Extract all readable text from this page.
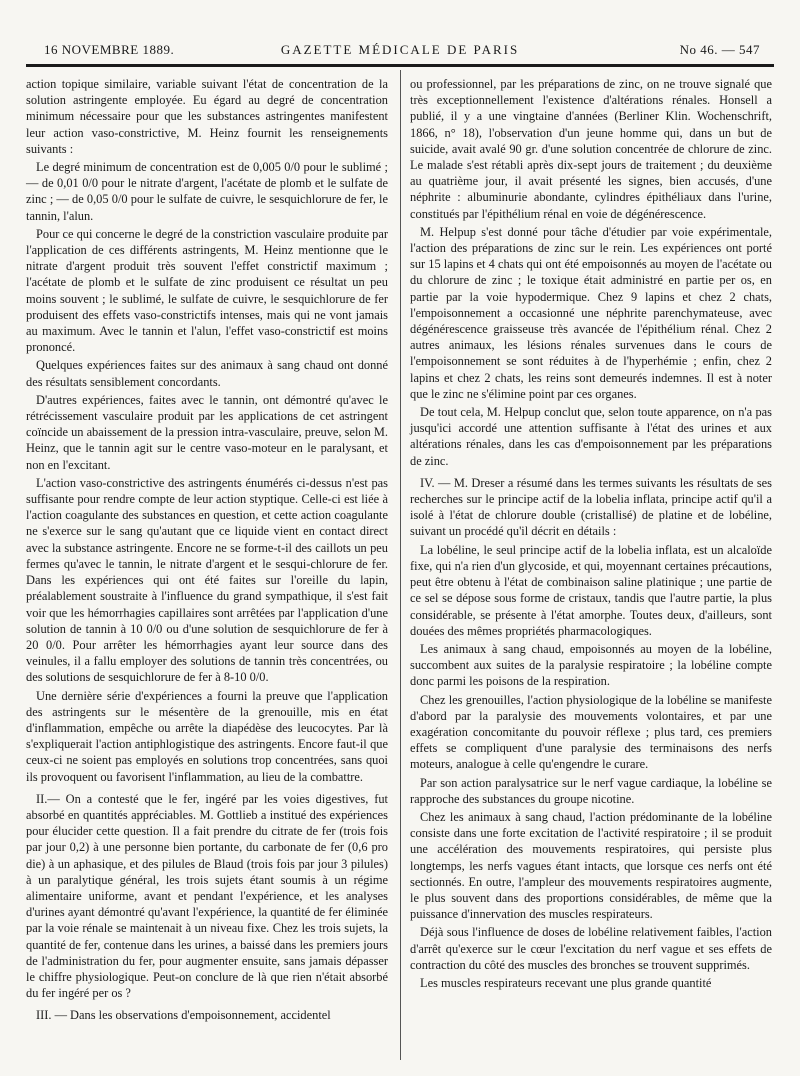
16 NOVEMBRE 1889.	GAZETTE MÉDICALE DE PARIS	No 46. — 547

action topique similaire, variable suivant l'état de concentration de la solution astringente employée. Eu égard au degré de concentration minimum nécessaire pour que les substances astringentes manifestent leur action vaso-constrictive, M. Heinz fournit les renseignements suivants :

Le degré minimum de concentration est de 0,005 0/0 pour le sublimé ; — de 0,01 0/0 pour le nitrate d'argent, l'acétate de plomb et le sulfate de zinc ; — de 0,05 0/0 pour le sulfate de cuivre, le sesquichlorure de fer, le tannin, l'alun.

Pour ce qui concerne le degré de la constriction vasculaire produite par l'application de ces différents astringents, M. Heinz mentionne que le nitrate d'argent produit très souvent l'effet constrictif maximum ; l'acétate de plomb et le sulfate de zinc produisent ce résultat un peu moins souvent ; le sublimé, le sulfate de cuivre, le sesquichlorure de fer produisent des effets vaso-constrictifs intenses, mais qui ne vont jamais au maximum. Avec le tannin et l'alun, l'effet vaso-constrictif est moins prononcé.

Quelques expériences faites sur des animaux à sang chaud ont donné des résultats sensiblement concordants.

D'autres expériences, faites avec le tannin, ont démontré qu'avec le rétrécissement vasculaire produit par les applications de cet astringent coïncide un abaissement de la pression intra-vasculaire, preuve, selon M. Heinz, que le tannin agit sur le centre vaso-moteur en le paralysant, et non en l'excitant.

L'action vaso-constrictive des astringents énumérés ci-dessus n'est pas suffisante pour rendre compte de leur action styptique. Celle-ci est liée à l'action coagulante des substances en question, et cette action coagulante ne s'exerce sur le sang qu'autant que ce liquide vient en contact direct avec la substance astringente. Encore ne se forme-t-il des caillots un peu fermes qu'avec le tannin, le nitrate d'argent et le sesqui-chlorure de fer. Dans les expériences qui ont été faites sur l'oreille du lapin, préalablement soustraite à l'influence du grand sympathique, il s'est fait voir que les hémorrhagies capillaires sont arrêtées par l'application d'une solution de tannin à 10 0/0 ou d'une solution de sesquichlorure de fer à 20 0/0. Pour arrêter les hémorrhagies ayant leur source dans des veinules, il a fallu employer des solutions de tannin très concentrées, ou des solutions de sesquichlorure de fer à 8-10 0/0.

Une dernière série d'expériences a fourni la preuve que l'application des astringents sur le mésentère de la grenouille, mis en état d'inflammation, empêche ou arrête la diapédèse des leucocytes. Par là s'expliquerait l'action antiphlogistique des astringents. Encore faut-il que ceux-ci ne soient pas employés en solutions trop concentrées, sans quoi ils provoquent ou favorisent l'inflammation, au lieu de la combattre.

II.— On a contesté que le fer, ingéré par les voies digestives, fut absorbé en quantités appréciables. M. Gottlieb a institué des expériences pour élucider cette question. Il a fait prendre du citrate de fer (trois fois par jour 0,2) à une personne bien portante, du carbonate de fer (0,6 pro die) à un aphasique, et des pilules de Blaud (trois fois par jour 3 pilules) à un paralytique général, les trois sujets étant soumis à un régime alimentaire uniforme, avant et pendant l'expérience, et les analyses d'urines ayant démontré qu'avant l'expérience, la quantité de fer éliminée par la voie rénale se maintenait à un niveau fixe. Chez les trois sujets, la quantité de fer, contenue dans les urines, a baissé dans les premiers jours de l'administration du fer, pour augmenter ensuite, sans jamais dépasser le chiffre physiologique. Peut-on conclure de là que rien n'était absorbé du fer ingéré per os ?

III. — Dans les observations d'empoisonnement, accidentel

ou professionnel, par les préparations de zinc, on ne trouve signalé que très exceptionnellement l'existence d'altérations rénales. Honsell a publié, il y a une vingtaine d'années (Berliner Klin. Wochenschrift, 1866, n° 18), l'observation d'un jeune homme qui, dans un but de suicide, avait avalé 90 gr. d'une solution concentrée de chlorure de zinc. Le malade s'est rétabli après dix-sept jours de traitement ; du deuxième au quatrième jour, il avait présenté les signes, bien accusés, d'une néphrite : albuminurie abondante, cylindres épithéliaux dans l'urine, constitués par l'épithélium rénal en voie de dégénérescence.

M. Helpup s'est donné pour tâche d'étudier par voie expérimentale, l'action des préparations de zinc sur le rein. Les expériences ont porté sur 15 lapins et 4 chats qui ont été empoisonnés au moyen de l'acétate ou du chlorure de zinc ; le toxique était administré en partie per os, en partie par la voie hypodermique. Chez 9 lapins et chez 2 chats, l'empoisonnement a occasionné une néphrite parenchymateuse, avec dégénérescence graisseuse très avancée de l'épithélium rénal. Chez 2 autres animaux, les lésions rénales survenues dans le cours de l'empoisonnement se sont réduites à de l'hyperhémie ; enfin, chez 2 lapins et chez 2 chats, les reins sont demeurés indemnes. Il est à noter que le zinc ne s'élimine point par ces organes.

De tout cela, M. Helpup conclut que, selon toute apparence, on n'a pas jusqu'ici accordé une attention suffisante à l'état des urines et aux altérations rénales, dans les cas d'empoisonnement par les préparations de zinc.

IV. — M. Dreser a résumé dans les termes suivants les résultats de ses recherches sur le principe actif de la lobelia inflata, principe actif qu'il a isolé à l'état de chlorure double (cristallisé) de platine et de lobéline, suivant un procédé qu'il décrit en détails :

La lobéline, le seul principe actif de la lobelia inflata, est un alcaloïde fixe, qui n'a rien d'un glycoside, et qui, moyennant certaines précautions, peut être obtenu à l'état de combinaison saline platinique ; une partie de ce sel se dépose sous forme de cristaux, tandis que l'autre partie, la plus considérable, se présente à l'état amorphe. Toutes deux, d'ailleurs, sont douées des mêmes propriétés pharmacologiques.

Les animaux à sang chaud, empoisonnés au moyen de la lobéline, succombent aux suites de la paralysie respiratoire ; la lobéline compte donc parmi les poisons de la respiration.

Chez les grenouilles, l'action physiologique de la lobéline se manifeste d'abord par la paralysie des mouvements volontaires, et par une exagération concomitante du pouvoir réflexe ; plus tard, ces premiers effets se compliquent d'une paralysie des terminaisons des nerfs moteurs, analogue à celle qu'engendre le curare.

Par son action paralysatrice sur le nerf vague cardiaque, la lobéline se rapproche des substances du groupe nicotine.

Chez les animaux à sang chaud, l'action prédominante de la lobéline consiste dans une forte excitation de l'activité respiratoire ; il se produit une accélération des mouvements respiratoires, qui persiste plus longtemps, les nerfs vagues étant intacts, que lorsque ces nerfs ont été sectionnés. En outre, l'ampleur des mouvements respiratoires augmente, le plus souvent dans des proportions considérables, de même que la puissance d'innervation des muscles respirateurs.

Déjà sous l'influence de doses de lobéline relativement faibles, l'action d'arrêt qu'exerce sur le cœur l'excitation du nerf vague et ses effets de contraction du côté des muscles des bronches se trouvent supprimés.

Les muscles respirateurs recevant une plus grande quantité
